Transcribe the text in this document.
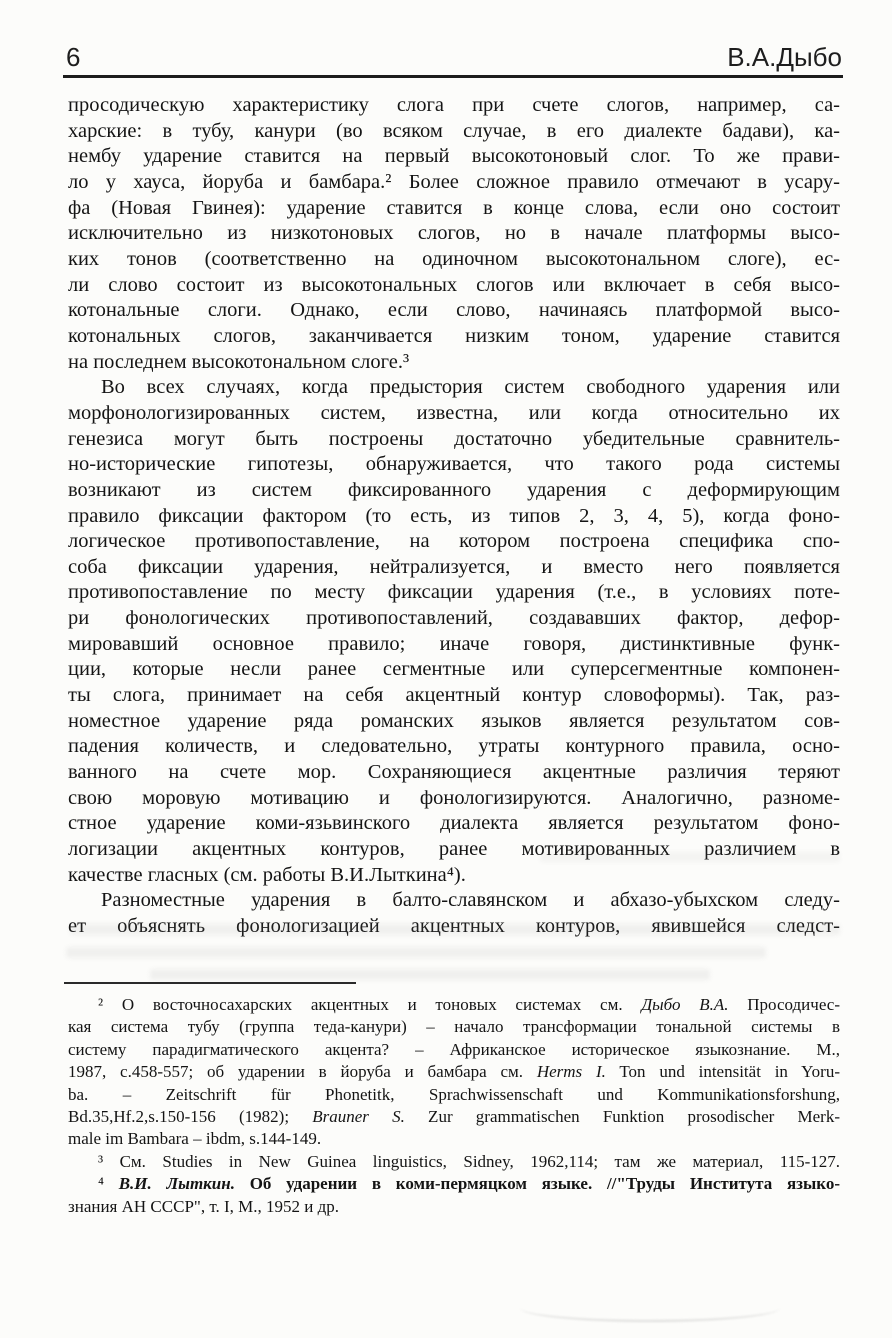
6	В.А.Дыбо
просодическую характеристику слога при счете слогов, например, са-
харские: в тубу, канури (во всяком случае, в его диалекте бадави), ка-
нембу ударение ставится на первый высокотоновый слог. То же прави-
ло у хауса, йоруба и бамбара.² Более сложное правило отмечают в усару-
фа (Новая Гвинея): ударение ставится в конце слова, если оно состоит
исключительно из низкотоновых слогов, но в начале платформы высо-
ких тонов (соответственно на одиночном высокотональном слоге), ес-
ли слово состоит из высокотональных слогов или включает в себя высо-
котональные слоги. Однако, если слово, начинаясь платформой высо-
котональных слогов, заканчивается низким тоном, ударение ставится
на последнем высокотональном слоге.³
Во всех случаях, когда предыстория систем свободного ударения или
морфонологизированных систем, известна, или когда относительно их
генезиса могут быть построены достаточно убедительные сравнитель-
но-исторические гипотезы, обнаруживается, что такого рода системы
возникают из систем фиксированного ударения с деформирующим
правило фиксации фактором (то есть, из типов 2, 3, 4, 5), когда фоно-
логическое противопоставление, на котором построена специфика спо-
соба фиксации ударения, нейтрализуется, и вместо него появляется
противопоставление по месту фиксации ударения (т.е., в условиях поте-
ри фонологических противопоставлений, создававших фактор, дефор-
мировавший основное правило; иначе говоря, дистинктивные функ-
ции, которые несли ранее сегментные или суперсегментные компонен-
ты слога, принимает на себя акцентный контур словоформы). Так, раз-
номестное ударение ряда романских языков является результатом сов-
падения количеств, и следовательно, утраты контурного правила, осно-
ванного на счете мор. Сохраняющиеся акцентные различия теряют
свою моровую мотивацию и фонологизируются. Аналогично, разноме-
стное ударение коми-язьвинского диалекта является результатом фоно-
логизации акцентных контуров, ранее мотивированных различием в
качестве гласных (см. работы В.И.Лыткина⁴).
Разноместные ударения в балто-славянском и абхазо-убыхском следу-
ет объяснять фонологизацией акцентных контуров, явившейся следст-
² О восточносахарских акцентных и тоновых системах см. Дыбо В.А. Просодичес-
кая система тубу (группа теда-канури) – начало трансформации тональной системы в
систему парадигматического акцента? – Африканское историческое языкознание. М.,
1987, с.458-557; об ударении в йоруба и бамбара см. Herms I. Ton und intensität in Yoru-
ba. – Zeitschrift für Phonetitk, Sprachwissenschaft und Kommunikationsforshung,
Bd.35,Hf.2,s.150-156 (1982); Brauner S. Zur grammatischen Funktion prosodischer Merk-
male im Bambara – ibdm, s.144-149.
³ См. Studies in New Guinea linguistics, Sidney, 1962,114; там же материал, 115-127.
⁴ В.И. Лыткин. Об ударении в коми-пермяцком языке. //"Труды Института языко-
знания АН СССР", т. I, М., 1952 и др.
